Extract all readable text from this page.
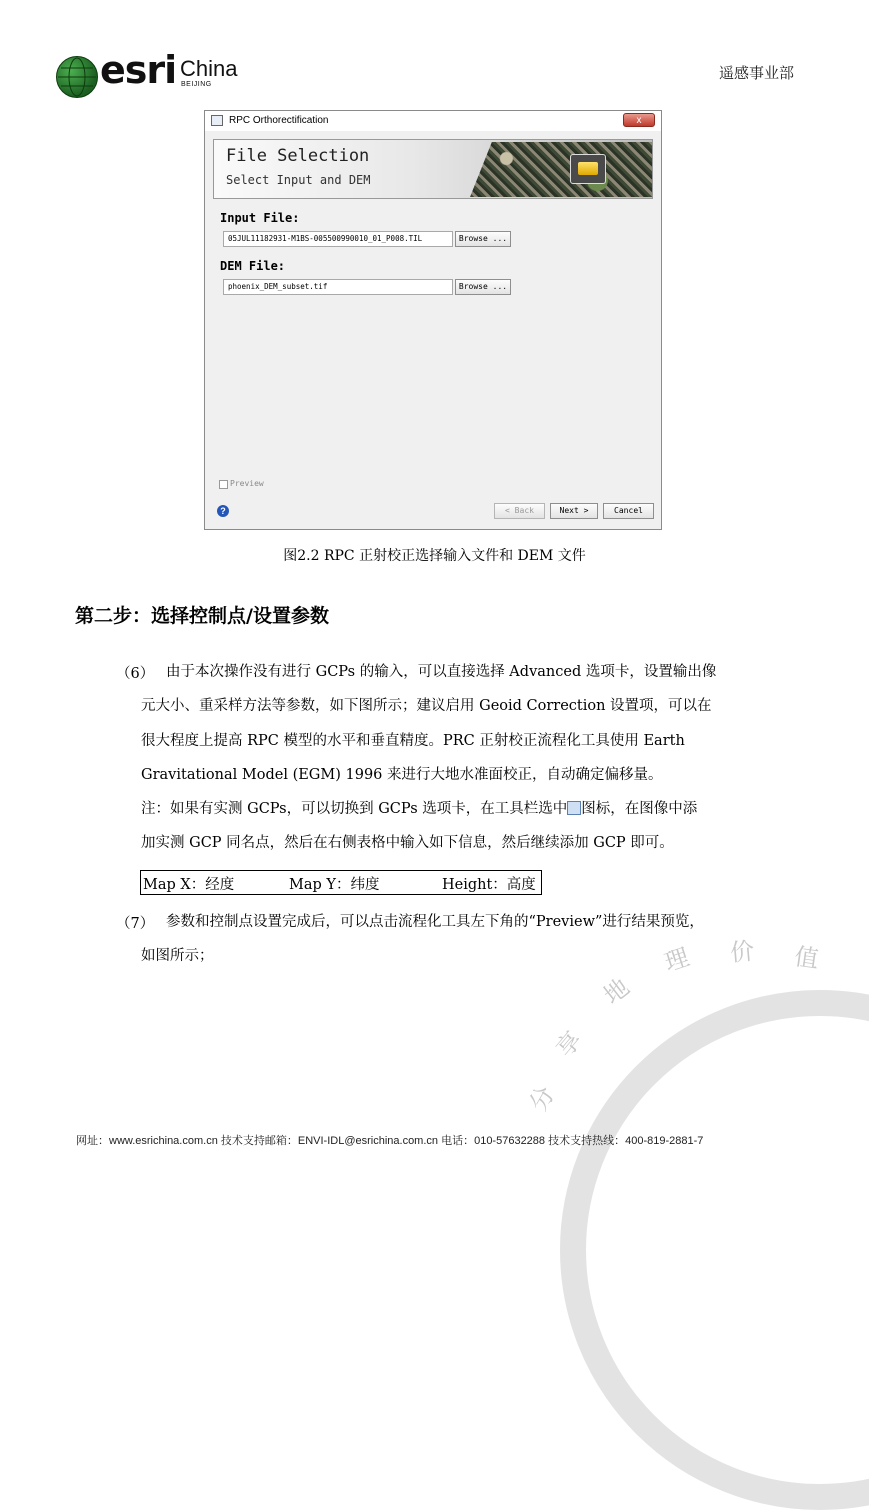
分
享
地
理 价 值
esri China
BEIJING
遥感事业部
RPC Orthorectification	x
File Selection
Select Input and DEM
Input File:
05JUL11182931-M1BS-005500990010_01_P008.TIL	Browse ...
DEM File:
phoenix_DEM_subset.tif	Browse ...
Preview
?	< Back	Next >	Cancel
图2.2 RPC 正射校正选择输入文件和 DEM 文件
第二步：选择控制点/设置参数
（6） 由于本次操作没有进行 GCPs 的输入，可以直接选择 Advanced 选项卡，设置输出像
元大小、重采样方法等参数，如下图所示；建议启用 Geoid Correction 设置项，可以在
很大程度上提高 RPC 模型的水平和垂直精度。PRC 正射校正流程化工具使用 Earth
Gravitational Model (EGM) 1996 来进行大地水准面校正，自动确定偏移量。
注：如果有实测 GCPs，可以切换到 GCPs 选项卡，在工具栏选中 图标，在图像中添
加实测 GCP 同名点，然后在右侧表格中输入如下信息，然后继续添加 GCP 即可。
Map X：经度	Map Y：纬度	Height：高度
（7） 参数和控制点设置完成后，可以点击流程化工具左下角的“Preview”进行结果预览，
如图所示；
网址：www.esrichina.com.cn 技术支持邮箱：ENVI-IDL@esrichina.com.cn 电话：010-57632288 技术支持热线：400-819-2881-7
